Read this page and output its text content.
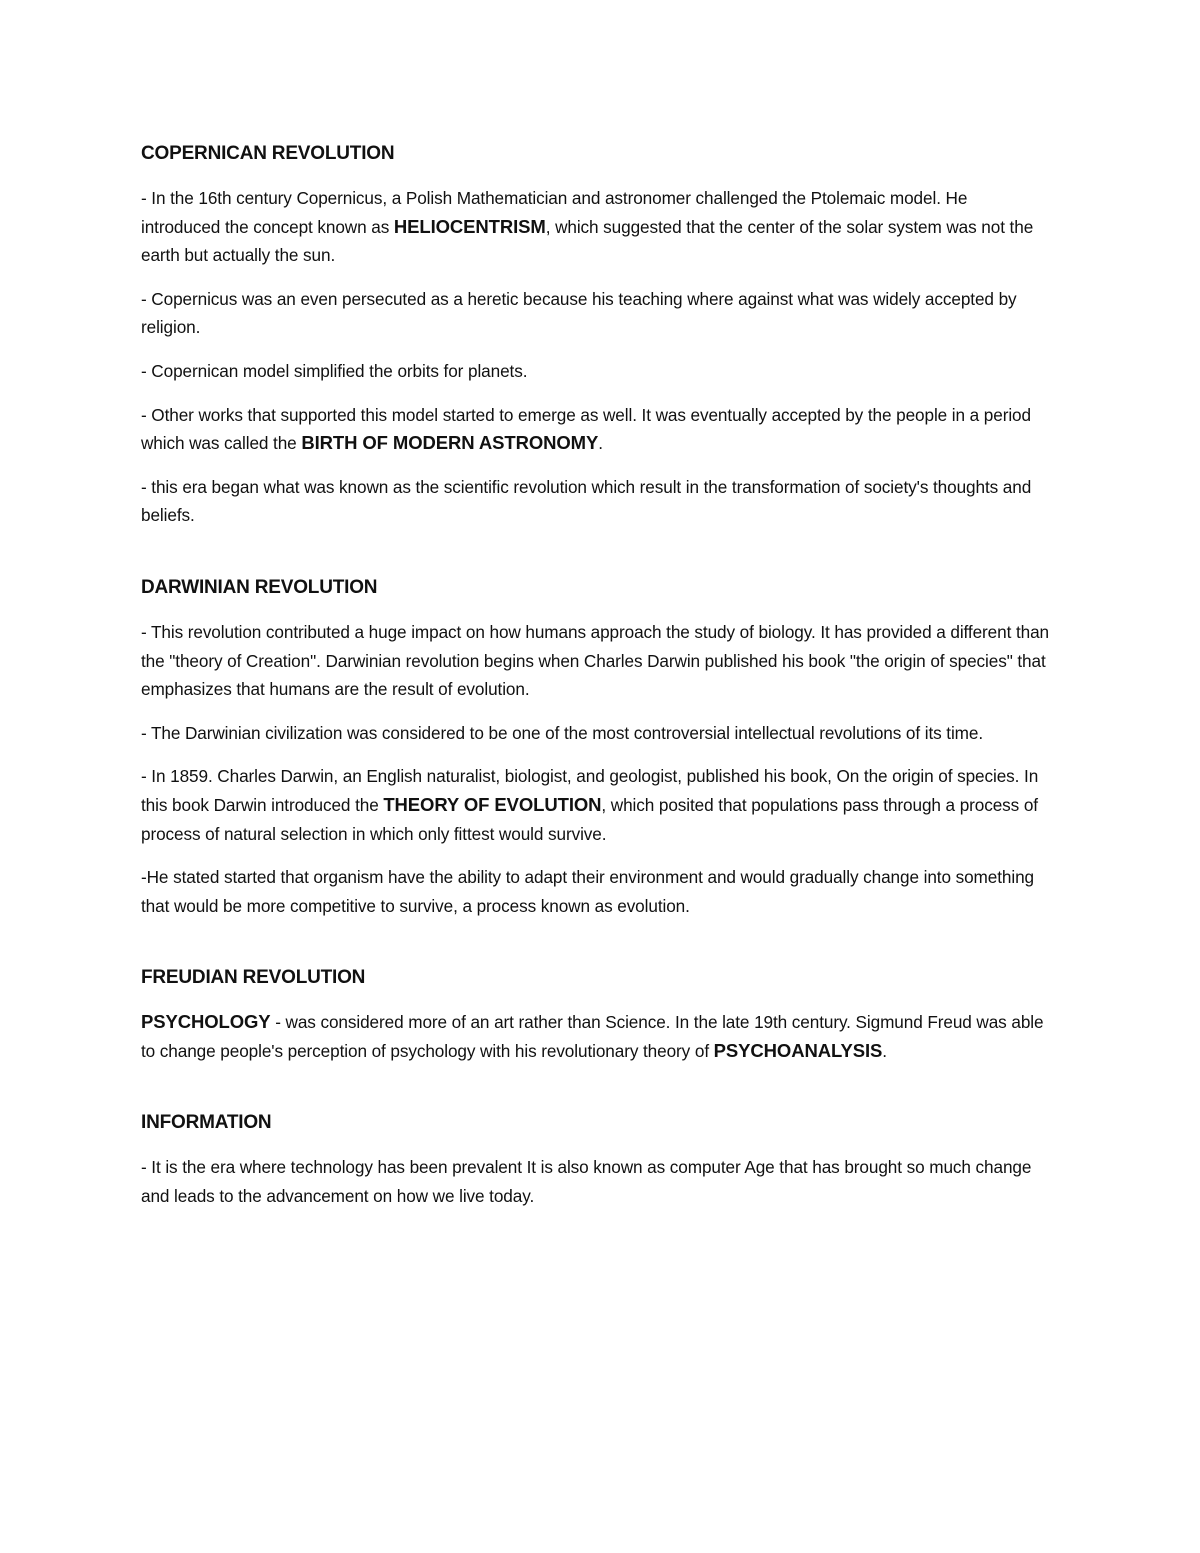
COPERNICAN REVOLUTION

- In the 16th century Copernicus, a Polish Mathematician and astronomer challenged the Ptolemaic model. He introduced the concept known as HELIOCENTRISM, which suggested that the center of the solar system was not the earth but actually the sun.

- Copernicus was an even persecuted as a heretic because his teaching where against what was widely accepted by religion.

- Copernican model simplified the orbits for planets.

- Other works that supported this model started to emerge as well. It was eventually accepted by the people in a period which was called the BIRTH OF MODERN ASTRONOMY.

- this era began what was known as the scientific revolution which result in the transformation of society's thoughts and beliefs.

DARWINIAN REVOLUTION

- This revolution contributed a huge impact on how humans approach the study of biology. It has provided a different than the "theory of Creation". Darwinian revolution begins when Charles Darwin published his book "the origin of species" that emphasizes that humans are the result of evolution.

- The Darwinian civilization was considered to be one of the most controversial intellectual revolutions of its time.

- In 1859. Charles Darwin, an English naturalist, biologist, and geologist, published his book, On the origin of species. In this book Darwin introduced the THEORY OF EVOLUTION, which posited that populations pass through a process of process of natural selection in which only fittest would survive.

-He stated started that organism have the ability to adapt their environment and would gradually change into something that would be more competitive to survive, a process known as evolution.

FREUDIAN REVOLUTION

PSYCHOLOGY - was considered more of an art rather than Science. In the late 19th century. Sigmund Freud was able to change people's perception of psychology with his revolutionary theory of PSYCHOANALYSIS.

INFORMATION

- It is the era where technology has been prevalent It is also known as computer Age that has brought so much change and leads to the advancement on how we live today.
